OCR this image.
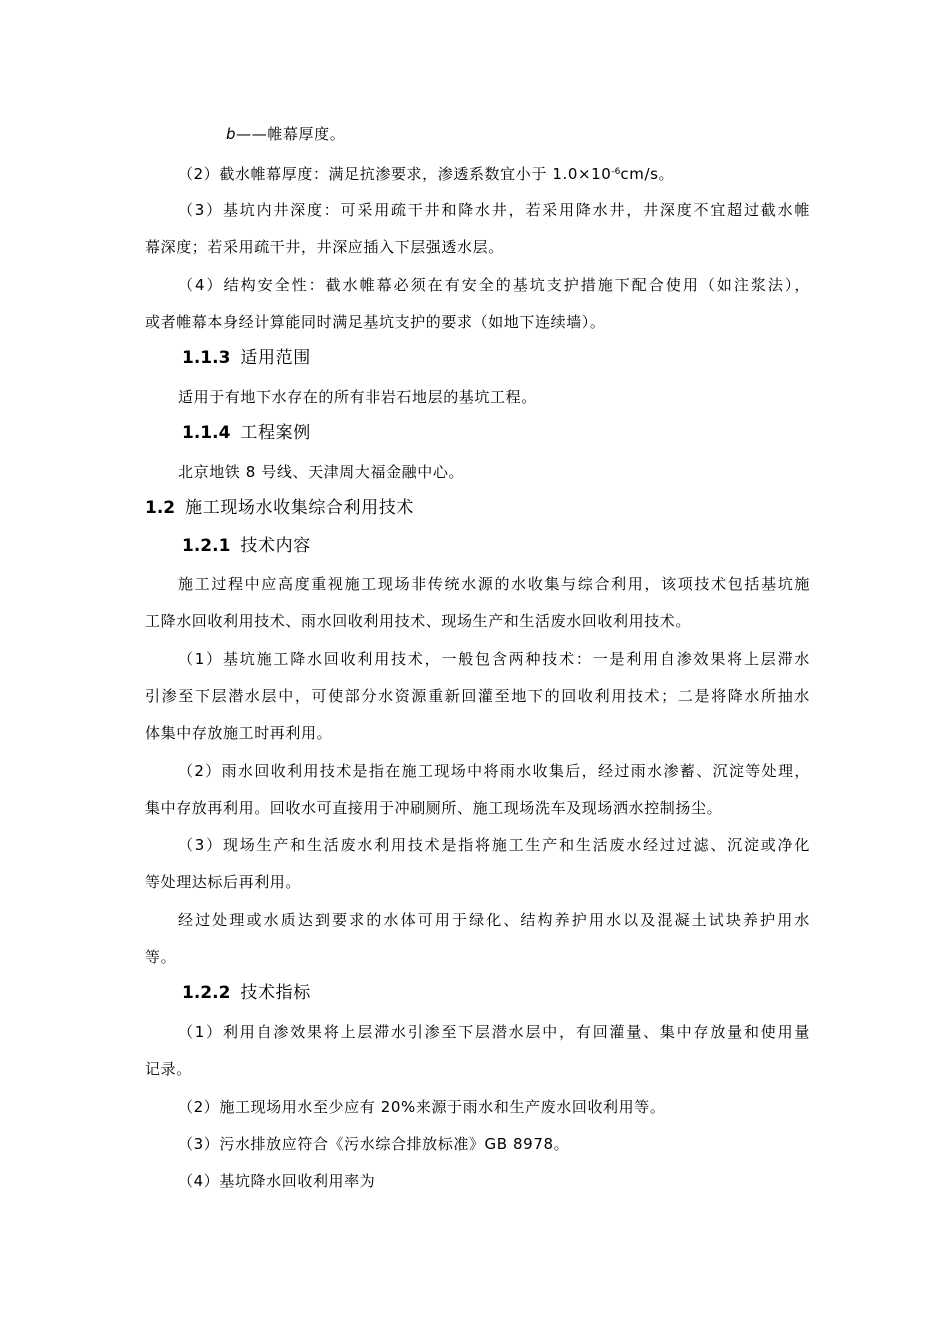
b——帷幕厚度。
（2）截水帷幕厚度：满足抗渗要求，渗透系数宜小于 $1.0\times 10^{-6}cm/s$。
（3）基坑内井深度：可采用疏干井和降水井，若采用降水井，井深度不宜超过截水帷
幕深度；若采用疏干井，井深应插入下层强透水层。
（4）结构安全性：截水帷幕必须在有安全的基坑支护措施下配合使用（如注浆法），
或者帷幕本身经计算能同时满足基坑支护的要求（如地下连续墙）。
1.1.3 适用范围
适用于有地下水存在的所有非岩石地层的基坑工程。
1.1.4 工程案例
北京地铁 8 号线、天津周大福金融中心。
1.2 施工现场水收集综合利用技术
1.2.1 技术内容
施工过程中应高度重视施工现场非传统水源的水收集与综合利用，该项技术包括基坑施
工降水回收利用技术、雨水回收利用技术、现场生产和生活废水回收利用技术。
（1）基坑施工降水回收利用技术，一般包含两种技术：一是利用自渗效果将上层滞水
引渗至下层潜水层中，可使部分水资源重新回灌至地下的回收利用技术；二是将降水所抽水
体集中存放施工时再利用。
（2）雨水回收利用技术是指在施工现场中将雨水收集后，经过雨水渗蓄、沉淀等处理，
集中存放再利用。回收水可直接用于冲刷厕所、施工现场洗车及现场洒水控制扬尘。
（3）现场生产和生活废水利用技术是指将施工生产和生活废水经过过滤、沉淀或净化
等处理达标后再利用。
经过处理或水质达到要求的水体可用于绿化、结构养护用水以及混凝土试块养护用水
等。
1.2.2 技术指标
（1）利用自渗效果将上层滞水引渗至下层潜水层中，有回灌量、集中存放量和使用量
记录。
（2）施工现场用水至少应有 20%来源于雨水和生产废水回收利用等。
（3）污水排放应符合《污水综合排放标准》GB 8978。
（4）基坑降水回收利用率为
